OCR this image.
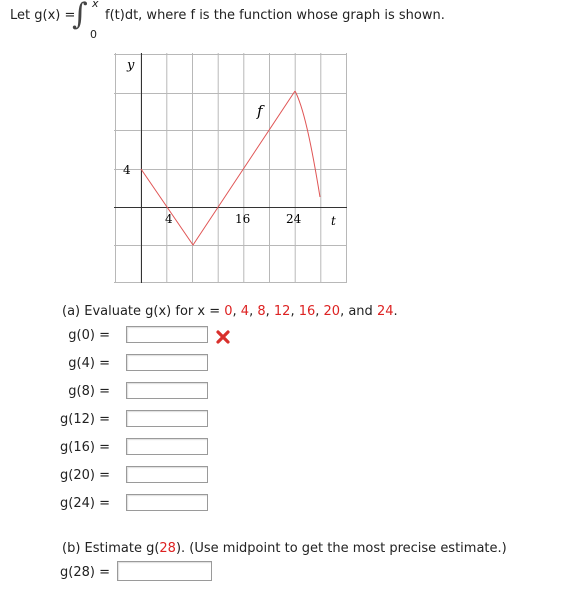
Let g(x) =
∫ x
0
f(t)dt, where f is the function whose graph is shown.
y
f
t
4
4	16	24
(a) Evaluate g(x) for x = 0, 4, 8, 12, 16, 20, and 24.
g(0) =
g(4) =
g(8) =
g(12) =
g(16) =
g(20) =
g(24) =
(b) Estimate g(28). (Use midpoint to get the most precise estimate.)
g(28) =
